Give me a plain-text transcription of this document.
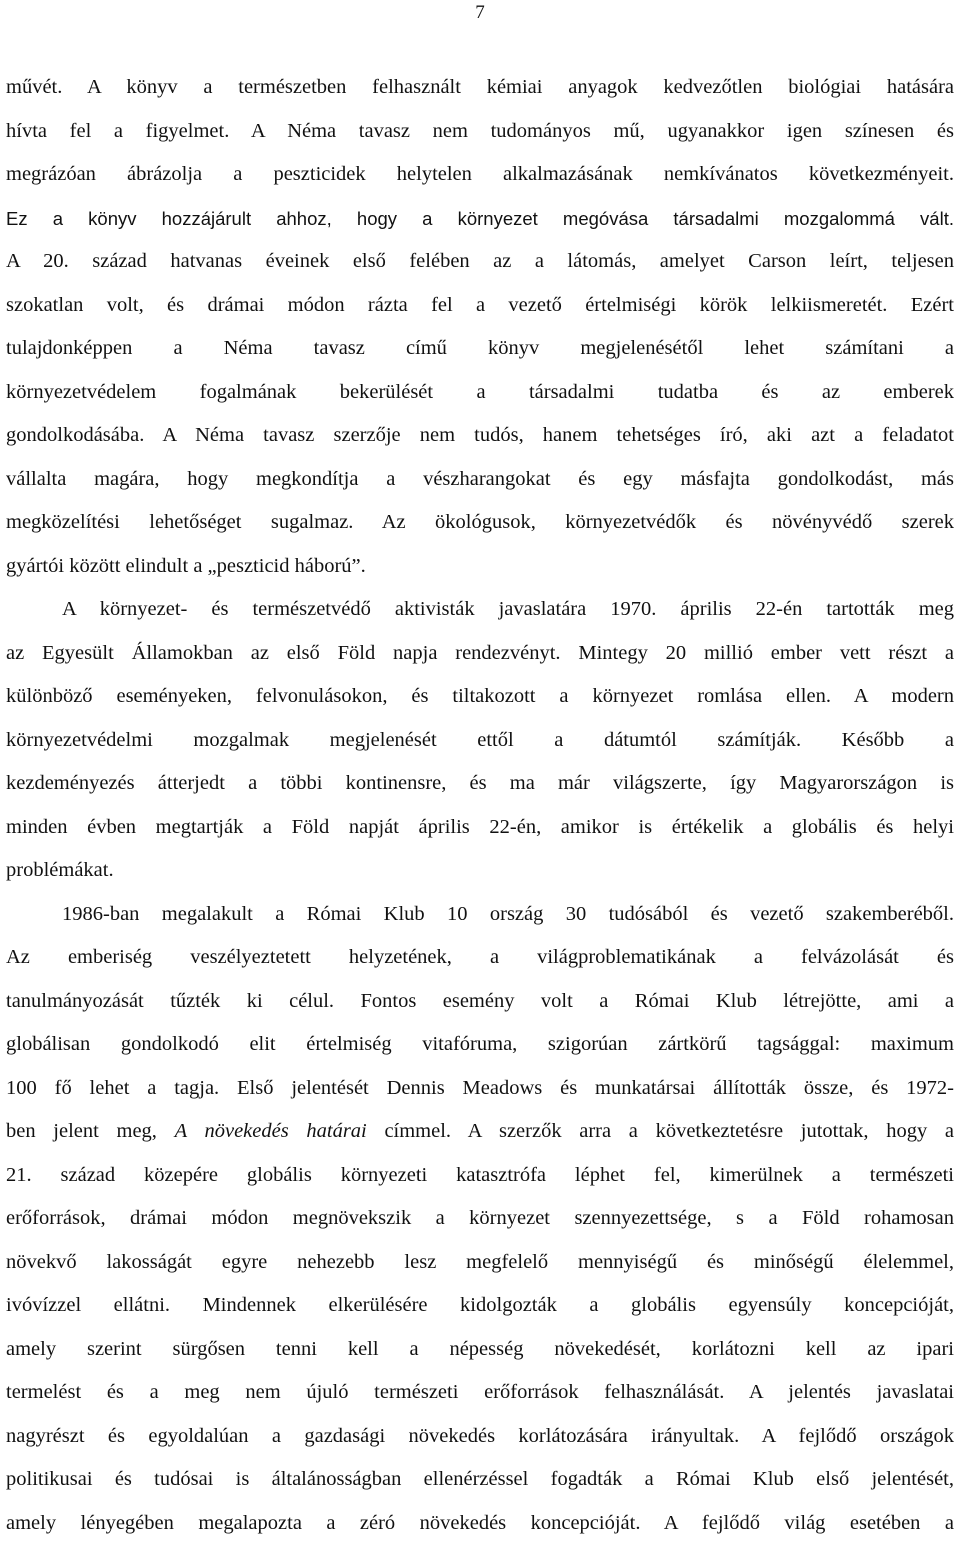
7
művét. A könyv a természetben felhasznált kémiai anyagok kedvezőtlen biológiai hatására
hívta fel a figyelmet. A Néma tavasz nem tudományos mű, ugyanakkor igen színesen és
megrázóan ábrázolja a peszticidek helytelen alkalmazásának nemkívánatos következményeit.
Ez a könyv hozzájárult ahhoz, hogy a környezet megóvása társadalmi mozgalommá vált.
A 20. század hatvanas éveinek első felében az a látomás, amelyet Carson leírt, teljesen
szokatlan volt, és drámai módon rázta fel a vezető értelmiségi körök lelkiismeretét. Ezért
tulajdonképpen a Néma tavasz című könyv megjelenésétől lehet számítani a
környezetvédelem fogalmának bekerülését a társadalmi tudatba és az emberek
gondolkodásába. A Néma tavasz szerzője nem tudós, hanem tehetséges író, aki azt a feladatot
vállalta magára, hogy megkondítja a vészharangokat és egy másfajta gondolkodást, más
megközelítési lehetőséget sugalmaz. Az ökológusok, környezetvédők és növényvédő szerek
gyártói között elindult a „peszticid háború”.
A környezet- és természetvédő aktivisták javaslatára 1970. április 22-én tartották meg
az Egyesült Államokban az első Föld napja rendezvényt. Mintegy 20 millió ember vett részt a
különböző eseményeken, felvonulásokon, és tiltakozott a környezet romlása ellen. A modern
környezetvédelmi mozgalmak megjelenését ettől a dátumtól számítják. Később a
kezdeményezés átterjedt a többi kontinensre, és ma már világszerte, így Magyarországon is
minden évben megtartják a Föld napját április 22-én, amikor is értékelik a globális és helyi
problémákat.
1986-ban megalakult a Római Klub 10 ország 30 tudósából és vezető szakemberéből.
Az emberiség veszélyeztetett helyzetének, a világproblematikának a felvázolását és
tanulmányozását tűzték ki célul. Fontos esemény volt a Római Klub létrejötte, ami a
globálisan gondolkodó elit értelmiség vitafóruma, szigorúan zártkörű tagsággal: maximum
100 fő lehet a tagja. Első jelentését Dennis Meadows és munkatársai állították össze, és 1972-
ben jelent meg, A növekedés határai címmel. A szerzők arra a következtetésre jutottak, hogy a
21. század közepére globális környezeti katasztrófa léphet fel, kimerülnek a természeti
erőforrások, drámai módon megnövekszik a környezet szennyezettsége, s a Föld rohamosan
növekvő lakosságát egyre nehezebb lesz megfelelő mennyiségű és minőségű élelemmel,
ivóvízzel ellátni. Mindennek elkerülésére kidolgozták a globális egyensúly koncepcióját,
amely szerint sürgősen tenni kell a népesség növekedését, korlátozni kell az ipari
termelést és a meg nem újuló természeti erőforrások felhasználását. A jelentés javaslatai
nagyrészt és egyoldalúan a gazdasági növekedés korlátozására irányultak. A fejlődő országok
politikusai és tudósai is általánosságban ellenérzéssel fogadták a Római Klub első jelentését,
amely lényegében megalapozta a zéró növekedés koncepcióját. A fejlődő világ esetében a
